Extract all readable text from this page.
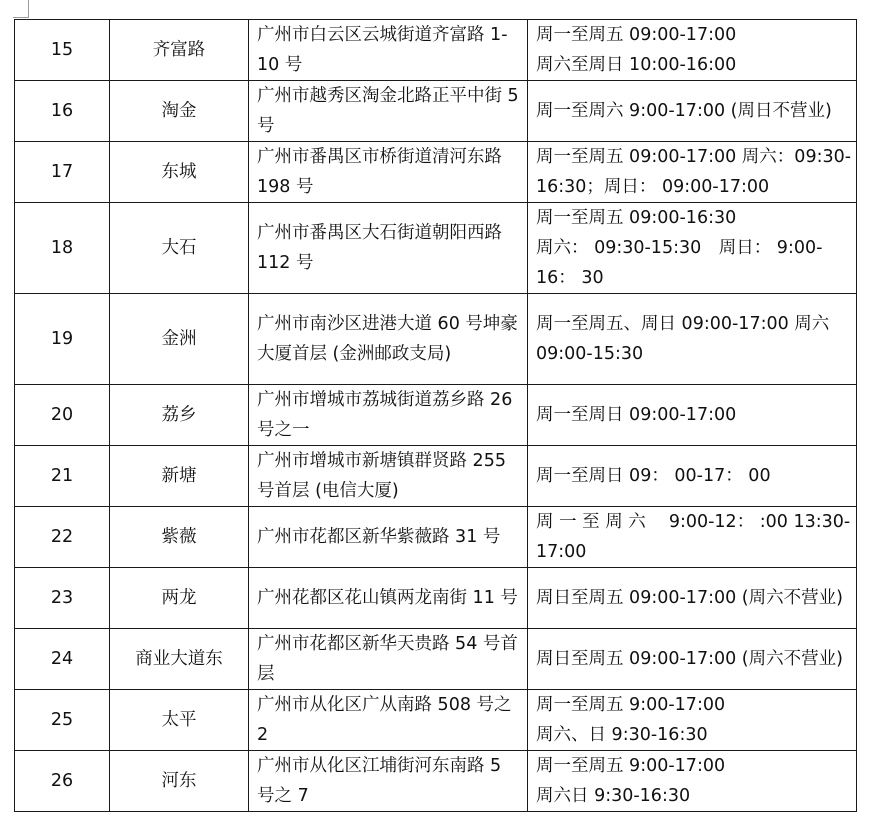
15	齐富路	广州市白云区云城街道齐富路 1-10 号	周一至周五 09:00-17:00
周六至周日 10:00-16:00
16	淘金	广州市越秀区淘金北路正平中街 5 号	周一至周六 9:00-17:00 (周日不营业)
17	东城	广州市番禺区市桥街道清河东路 198 号	周一至周五 09:00-17:00 周六：09:30-16:30；周日： 09:00-17:00
18	大石	广州市番禺区大石街道朝阳西路 112 号	周一至周五 09:00-16:30
周六： 09:30-15:30　周日： 9:00-16： 30
19	金洲	广州市南沙区进港大道 60 号坤豪大厦首层 (金洲邮政支局)	周一至周五、周日 09:00-17:00 周六 09:00-15:30
20	荔乡	广州市增城市荔城街道荔乡路 26 号之一	周一至周日 09:00-17:00
21	新塘	广州市增城市新塘镇群贤路 255 号首层 (电信大厦)	周一至周日 09： 00-17： 00
22	紫薇	广州市花都区新华紫薇路 31 号	周 一 至 周 六　 9:00-12： :00 13:30-17:00
23	两龙	广州花都区花山镇两龙南街 11 号	周日至周五 09:00-17:00 (周六不营业)
24	商业大道东	广州市花都区新华天贵路 54 号首层	周日至周五 09:00-17:00 (周六不营业)
25	太平	广州市从化区广从南路 508 号之 2	周一至周五 9:00-17:00
周六、日 9:30-16:30
26	河东	广州市从化区江埔街河东南路 5 号之 7	周一至周五 9:00-17:00
周六日 9:30-16:30
